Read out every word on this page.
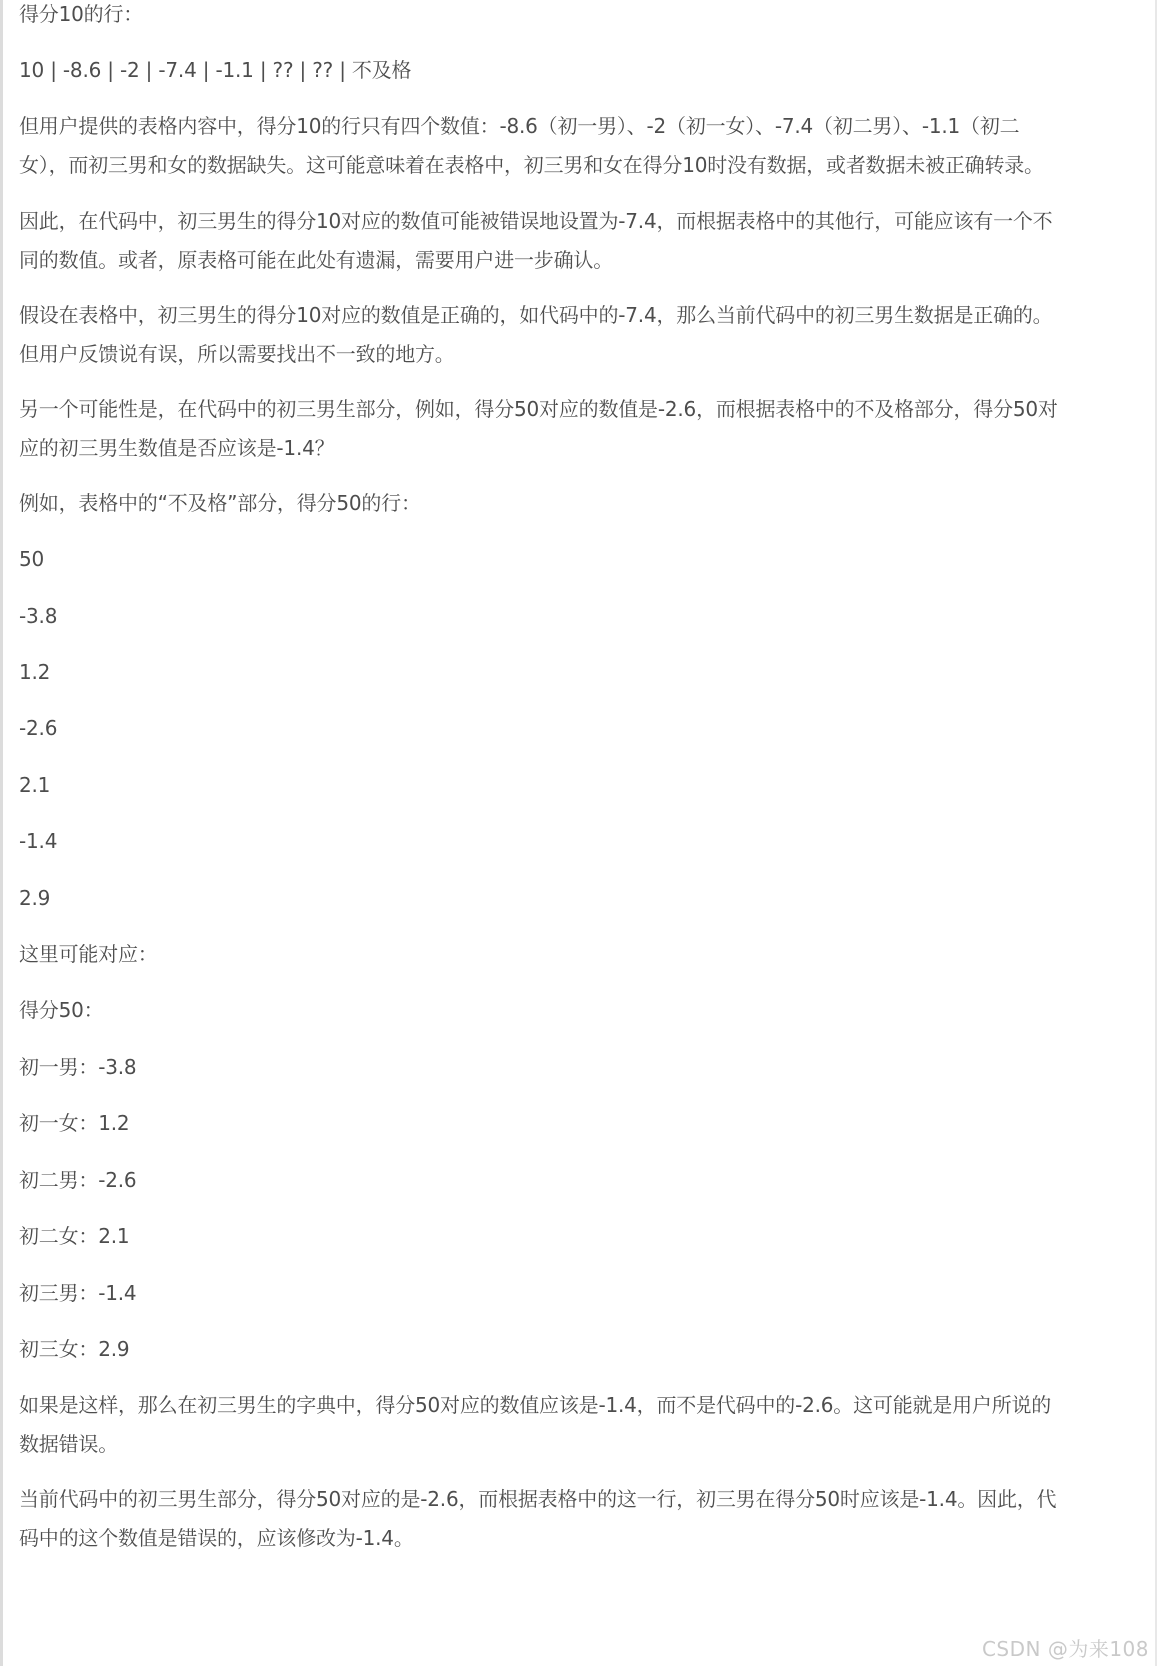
得分10的行：

10 | -8.6 | -2 | -7.4 | -1.1 | ?? | ?? | 不及格

但用户提供的表格内容中，得分10的行只有四个数值：-8.6（初一男）、-2（初一女）、-7.4（初二男）、-1.1（初二女），而初三男和女的数据缺失。这可能意味着在表格中，初三男和女在得分10时没有数据，或者数据未被正确转录。

因此，在代码中，初三男生的得分10对应的数值可能被错误地设置为-7.4，而根据表格中的其他行，可能应该有一个不同的数值。或者，原表格可能在此处有遗漏，需要用户进一步确认。

假设在表格中，初三男生的得分10对应的数值是正确的，如代码中的-7.4，那么当前代码中的初三男生数据是正确的。但用户反馈说有误，所以需要找出不一致的地方。

另一个可能性是，在代码中的初三男生部分，例如，得分50对应的数值是-2.6，而根据表格中的不及格部分，得分50对应的初三男生数值是否应该是-1.4？

例如，表格中的“不及格”部分，得分50的行：

50

-3.8

1.2

-2.6

2.1

-1.4

2.9

这里可能对应：

得分50：

初一男：-3.8

初一女：1.2

初二男：-2.6

初二女：2.1

初三男：-1.4

初三女：2.9

如果是这样，那么在初三男生的字典中，得分50对应的数值应该是-1.4，而不是代码中的-2.6。这可能就是用户所说的数据错误。

当前代码中的初三男生部分，得分50对应的是-2.6，而根据表格中的这一行，初三男在得分50时应该是-1.4。因此，代码中的这个数值是错误的，应该修改为-1.4。

CSDN @为来108
